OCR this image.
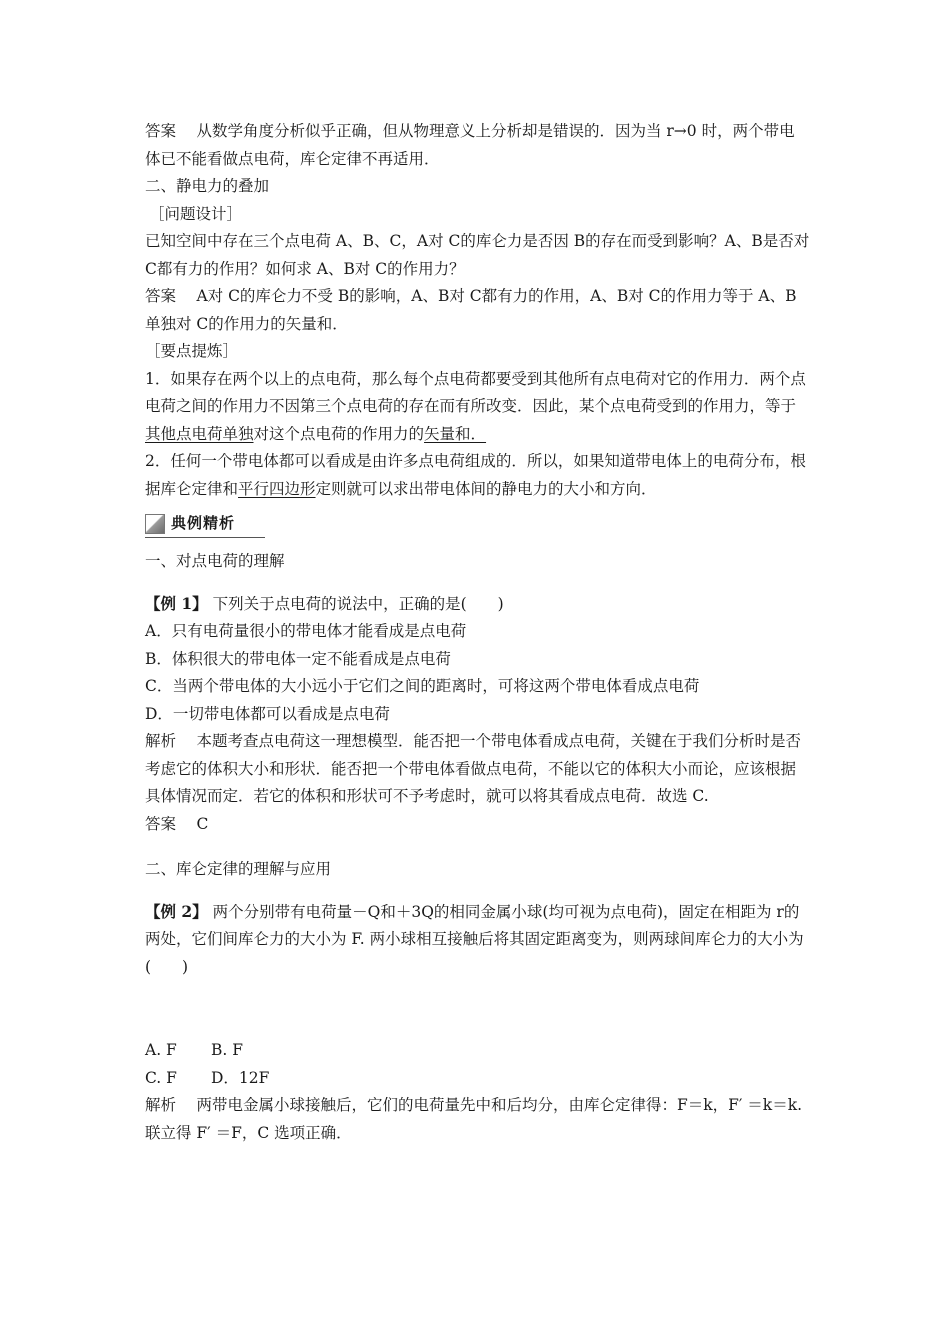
答案　 从数学角度分析似乎正确，但从物理意义上分析却是错误的．因为当 r→0 时，两个带电体已不能看做点电荷，库仑定律不再适用．

二、静电力的叠加

［问题设计］

已知空间中存在三个点电荷 A、B、C，A对 C的库仑力是否因 B的存在而受到影响？A、B是否对 C都有力的作用？如何求 A、B对 C的作用力？

答案　 A对 C的库仑力不受 B的影响，A、B对 C都有力的作用，A、B对 C的作用力等于 A、B单独对 C的作用力的矢量和．

［要点提炼］

1．如果存在两个以上的点电荷，那么每个点电荷都要受到其他所有点电荷对它的作用力．两个点电荷之间的作用力不因第三个点电荷的存在而有所改变．因此，某个点电荷受到的作用力，等于其他点电荷单独对这个点电荷的作用力的矢量和．

2．任何一个带电体都可以看成是由许多点电荷组成的．所以，如果知道带电体上的电荷分布，根据库仑定律和平行四边形定则就可以求出带电体间的静电力的大小和方向．

典例精析

一、对点电荷的理解

【例 1】 下列关于点电荷的说法中，正确的是(　　)

A．只有电荷量很小的带电体才能看成是点电荷

B．体积很大的带电体一定不能看成是点电荷

C．当两个带电体的大小远小于它们之间的距离时，可将这两个带电体看成点电荷

D．一切带电体都可以看成是点电荷

解析　 本题考查点电荷这一理想模型．能否把一个带电体看成点电荷，关键在于我们分析时是否考虑它的体积大小和形状．能否把一个带电体看做点电荷，不能以它的体积大小而论，应该根据具体情况而定．若它的体积和形状可不予考虑时，就可以将其看成点电荷．故选 C.

答案　 C

二、库仑定律的理解与应用

【例 2】 两个分别带有电荷量－Q和＋3Q的相同金属小球(均可视为点电荷)，固定在相距为 r的两处，它们间库仑力的大小为 F. 两小球相互接触后将其固定距离变为，则两球间库仑力的大小为(　　)

A. F	B. F
C. F	D．12F

解析　 两带电金属小球接触后，它们的电荷量先中和后均分，由库仑定律得：F＝k，F′ ＝k＝k. 联立得 F′ ＝F，C 选项正确．
